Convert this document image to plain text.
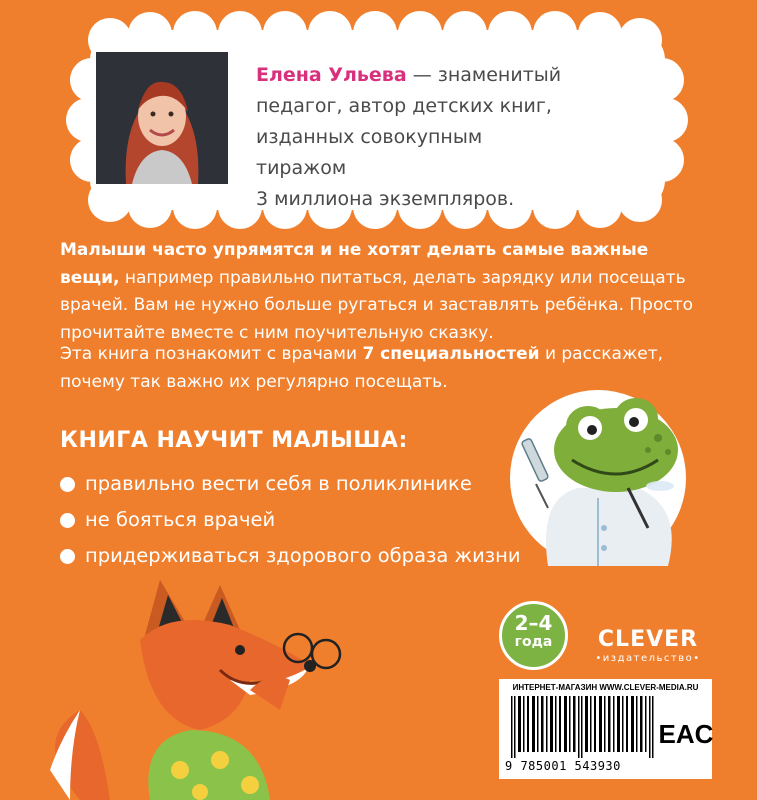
Елена Ульева — знаменитый
педагог, автор детских книг,
изданных совокупным тиражом
3 миллиона экземпляров.

Малыши часто упрямятся и не хотят делать самые важные вещи, например правильно питаться, делать зарядку или посещать врачей. Вам не нужно больше ругаться и заставлять ребёнка. Просто прочитайте вместе с ним поучительную сказку.

Эта книга познакомит с врачами 7 специальностей и расскажет, почему так важно их регулярно посещать.

КНИГА НАУЧИТ МАЛЫША:
правильно вести себя в поликлинике
не бояться врачей
придерживаться здорового образа жизни
2–4
года	CLEVER
•издательство•

ИНТЕРНЕТ-МАГАЗИН WWW.CLEVER-MEDIA.RU

9 785001 543930

EAC
